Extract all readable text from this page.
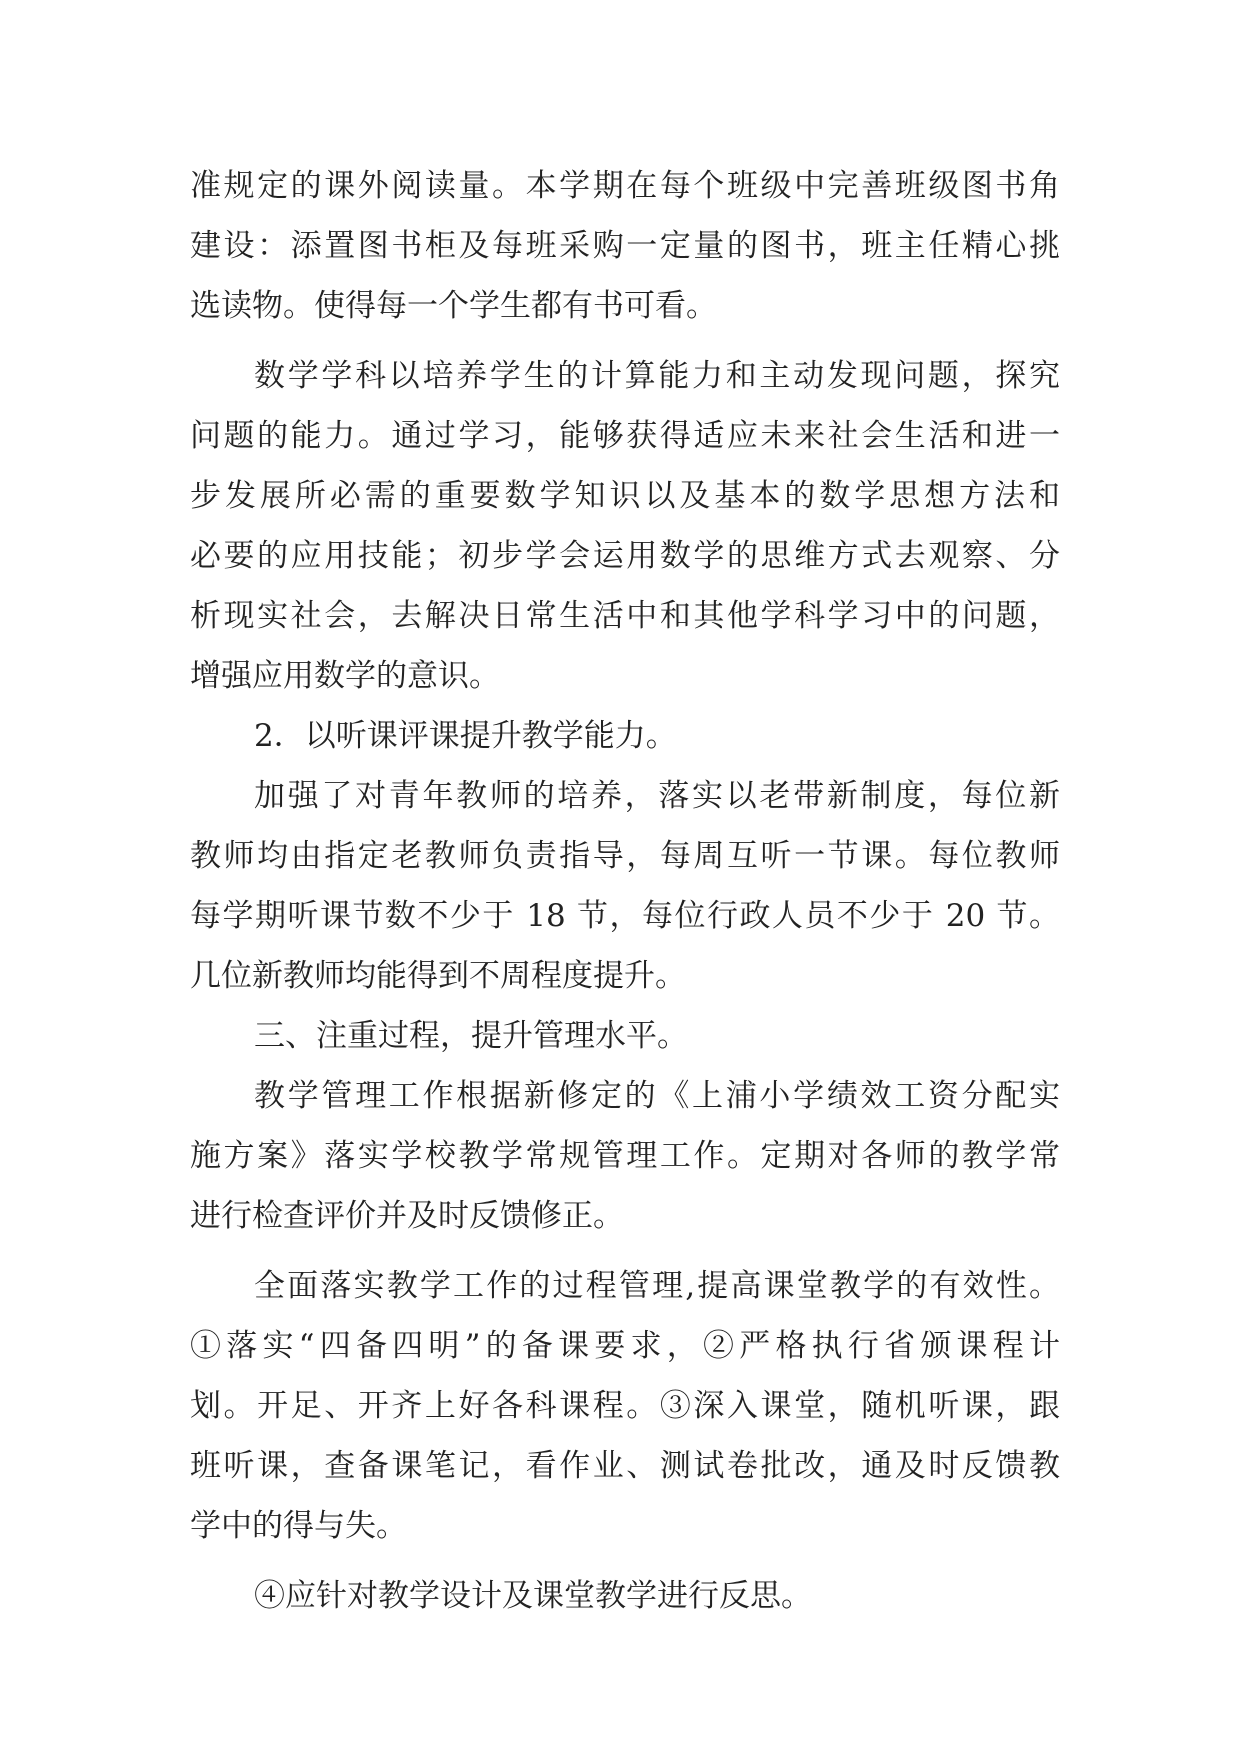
准规定的课外阅读量。本学期在每个班级中完善班级图书角
建设：添置图书柜及每班采购一定量的图书，班主任精心挑
选读物。使得每一个学生都有书可看。
数学学科以培养学生的计算能力和主动发现问题，探究
问题的能力。通过学习，能够获得适应未来社会生活和进一
步发展所必需的重要数学知识以及基本的数学思想方法和
必要的应用技能；初步学会运用数学的思维方式去观察、分
析现实社会，去解决日常生活中和其他学科学习中的问题，
增强应用数学的意识。
2．以听课评课提升教学能力。
加强了对青年教师的培养，落实以老带新制度，每位新
教师均由指定老教师负责指导，每周互听一节课。每位教师
每学期听课节数不少于 18 节，每位行政人员不少于 20 节。
几位新教师均能得到不周程度提升。
三、注重过程，提升管理水平。
教学管理工作根据新修定的《上浦小学绩效工资分配实
施方案》落实学校教学常规管理工作。定期对各师的教学常
进行检查评价并及时反馈修正。
全面落实教学工作的过程管理,提高课堂教学的有效性。
①落实“四备四明”的备课要求，②严格执行省颁课程计
划。开足、开齐上好各科课程。③深入课堂，随机听课，跟
班听课，查备课笔记，看作业、测试卷批改，通及时反馈教
学中的得与失。
④应针对教学设计及课堂教学进行反思。
